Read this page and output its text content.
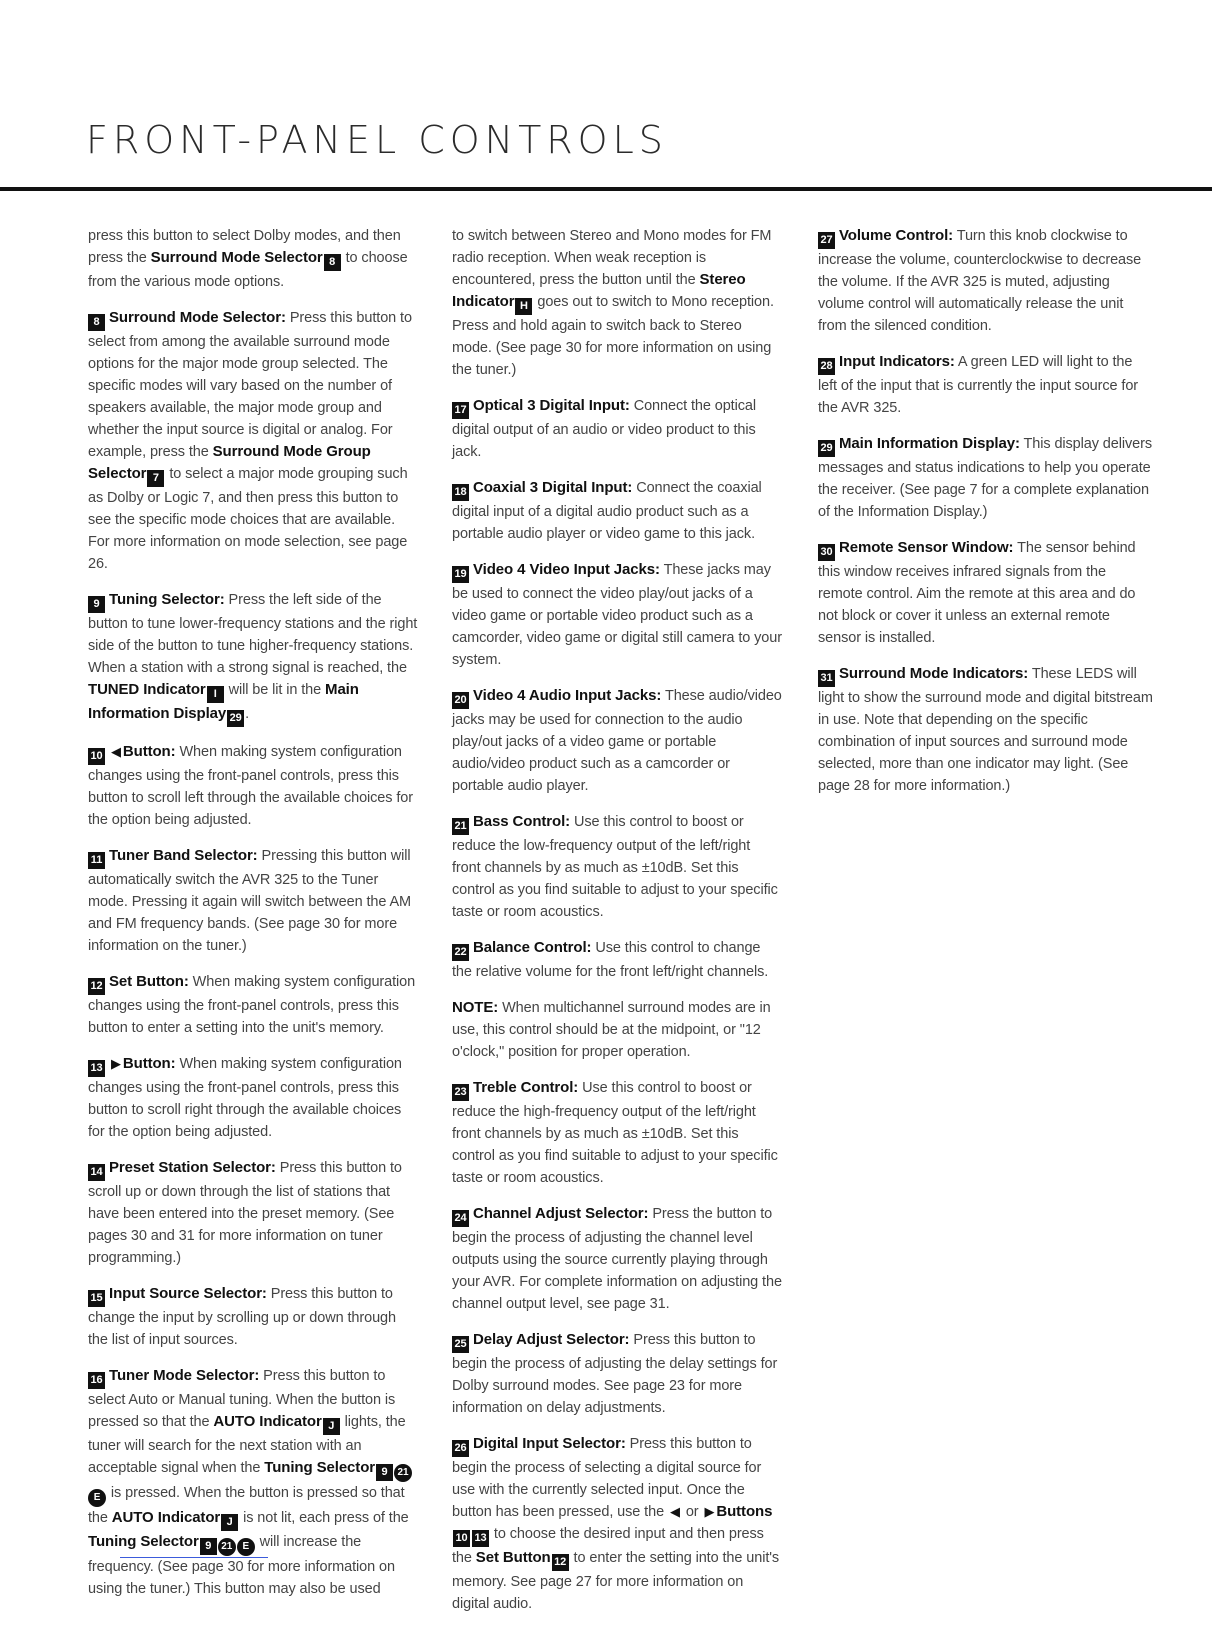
FRONT-PANEL CONTROLS

press this button to select Dolby modes, and then press the Surround Mode Selector 8 to choose from the various mode options.

8 Surround Mode Selector: Press this button to select from among the available surround mode options for the major mode group selected. The specific modes will vary based on the number of speakers available, the major mode group and whether the input source is digital or analog. For example, press the Surround Mode Group Selector 7 to select a major mode grouping such as Dolby or Logic 7, and then press this button to see the specific mode choices that are available. For more information on mode selection, see page 26.

9 Tuning Selector: Press the left side of the button to tune lower-frequency stations and the right side of the button to tune higher-frequency stations. When a station with a strong signal is reached, the TUNED Indicator I will be lit in the Main Information Display 29 .

10 ◀ Button: When making system configuration changes using the front-panel controls, press this button to scroll left through the available choices for the option being adjusted.

11 Tuner Band Selector: Pressing this button will automatically switch the AVR 325 to the Tuner mode. Pressing it again will switch between the AM and FM frequency bands. (See page 30 for more information on the tuner.)

12 Set Button: When making system configuration changes using the front-panel controls, press this button to enter a setting into the unit's memory.

13 ▶ Button: When making system configuration changes using the front-panel controls, press this button to scroll right through the available choices for the option being adjusted.

14 Preset Station Selector: Press this button to scroll up or down through the list of stations that have been entered into the preset memory. (See pages 30 and 31 for more information on tuner programming.)

15 Input Source Selector: Press this button to change the input by scrolling up or down through the list of input sources.

16 Tuner Mode Selector: Press this button to select Auto or Manual tuning. When the button is pressed so that the AUTO Indicator J lights, the tuner will search for the next station with an acceptable signal when the Tuning Selector 9 21E is pressed. When the button is pressed so that the AUTO Indicator J is not lit, each press of the Tuning Selector 9 21 E will increase the frequency. (See page 30 for more information on using the tuner.) This button may also be used

to switch between Stereo and Mono modes for FM radio reception. When weak reception is encountered, press the button until the Stereo Indicator H goes out to switch to Mono reception. Press and hold again to switch back to Stereo mode. (See page 30 for more information on using the tuner.)

17 Optical 3 Digital Input: Connect the optical digital output of an audio or video product to this jack.

18 Coaxial 3 Digital Input: Connect the coaxial digital input of a digital audio product such as a portable audio player or video game to this jack.

19 Video 4 Video Input Jacks: These jacks may be used to connect the video play/out jacks of a video game or portable video product such as a camcorder, video game or digital still camera to your system.

20 Video 4 Audio Input Jacks: These audio/video jacks may be used for connection to the audio play/out jacks of a video game or portable audio/video product such as a camcorder or portable audio player.

21 Bass Control: Use this control to boost or reduce the low-frequency output of the left/right front channels by as much as ±10dB. Set this control as you find suitable to adjust to your specific taste or room acoustics.

22 Balance Control: Use this control to change the relative volume for the front left/right channels.

NOTE: When multichannel surround modes are in use, this control should be at the midpoint, or "12 o'clock," position for proper operation.

23 Treble Control: Use this control to boost or reduce the high-frequency output of the left/right front channels by as much as ±10dB. Set this control as you find suitable to adjust to your specific taste or room acoustics.

24 Channel Adjust Selector: Press the button to begin the process of adjusting the channel level outputs using the source currently playing through your AVR. For complete information on adjusting the channel output level, see page 31.

25 Delay Adjust Selector: Press this button to begin the process of adjusting the delay settings for Dolby surround modes. See page 23 for more information on delay adjustments.

26 Digital Input Selector: Press this button to begin the process of selecting a digital source for use with the currently selected input. Once the button has been pressed, use the ◀ or ▶ Buttons10 13 to choose the desired input and then press the Set Button 12 to enter the setting into the unit's memory. See page 27 for more information on digital audio.

27 Volume Control: Turn this knob clockwise to increase the volume, counterclockwise to decrease the volume. If the AVR 325 is muted, adjusting volume control will automatically release the unit from the silenced condition.

28 Input Indicators: A green LED will light to the left of the input that is currently the input source for the AVR 325.

29 Main Information Display: This display delivers messages and status indications to help you operate the receiver. (See page 7 for a complete explanation of the Information Display.)

30 Remote Sensor Window: The sensor behind this window receives infrared signals from the remote control. Aim the remote at this area and do not block or cover it unless an external remote sensor is installed.

31 Surround Mode Indicators: These LEDS will light to show the surround mode and digital bitstream in use. Note that depending on the specific combination of input sources and surround mode selected, more than one indicator may light. (See page 28 for more information.)
